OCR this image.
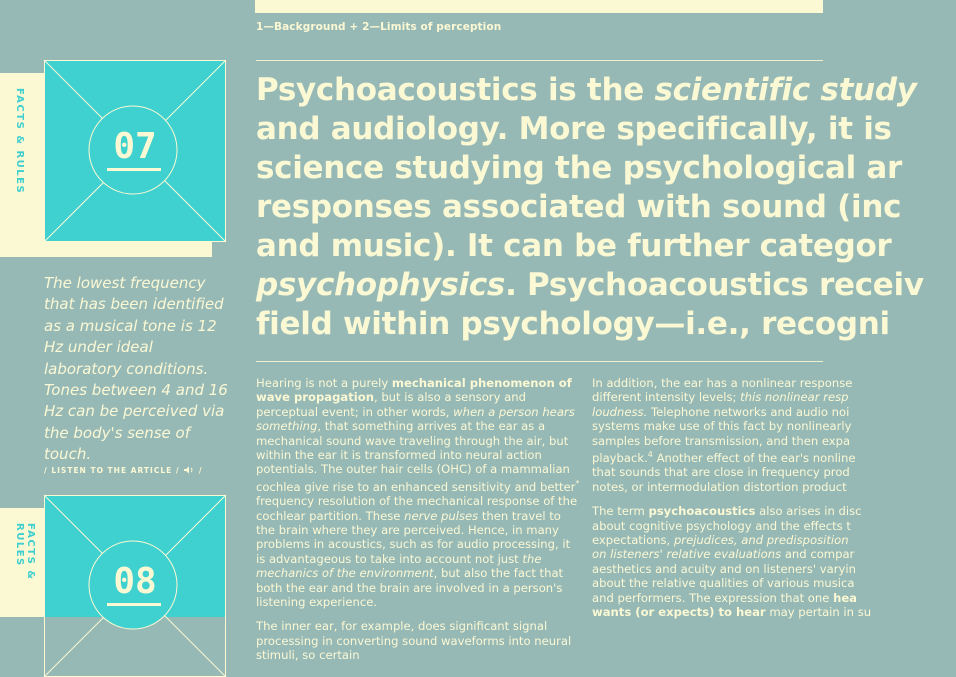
1—Background + 2—Limits of perception
Psychoacoustics is the scientific study
and audiology. More specifically, it is
science studying the psychological ar
responses associated with sound (inc
and music). It can be further categor
psychophysics. Psychoacoustics receiv
field within psychology—i.e., recogni
FACTS & RULES	07
The lowest frequency that has been identified as a musical tone is 12 Hz under ideal laboratory conditions. Tones between 4 and 16 Hz can be perceived via the body's sense of touch.
/ LISTEN TO THE ARTICLE /	/
FACTS & RULES
08

Hearing is not a purely mechanical phenomenon of wave propagation, but is also a sensory and perceptual event; in other words, when a person hears something, that something arrives at the ear as a mechanical sound wave traveling through the air, but within the ear it is transformed into neural action potentials. The outer hair cells (OHC) of a mammalian cochlea give rise to an enhanced sensitivity and better* frequency resolution of the mechanical response of the cochlear partition. These nerve pulses then travel to the brain where they are perceived. Hence, in many problems in acoustics, such as for audio processing, it is advantageous to take into account not just the mechanics of the environment, but also the fact that both the ear and the brain are involved in a person's listening experience.

The inner ear, for example, does significant signal processing in converting sound waveforms into neural stimuli, so certain

In addition, the ear has a nonlinear response
different intensity levels; this nonlinear resp
loudness. Telephone networks and audio noi
systems make use of this fact by nonlinearly
samples before transmission, and then expa
playback.$^4$ Another effect of the ear's nonline
that sounds that are close in frequency prod
notes, or intermodulation distortion product

The term psychoacoustics also arises in disc
about cognitive psychology and the effects t
expectations, prejudices, and predisposition
on listeners' relative evaluations and compar
aesthetics and acuity and on listeners' varyin
about the relative qualities of various musica
and performers. The expression that one hea
wants (or expects) to hear may pertain in su
